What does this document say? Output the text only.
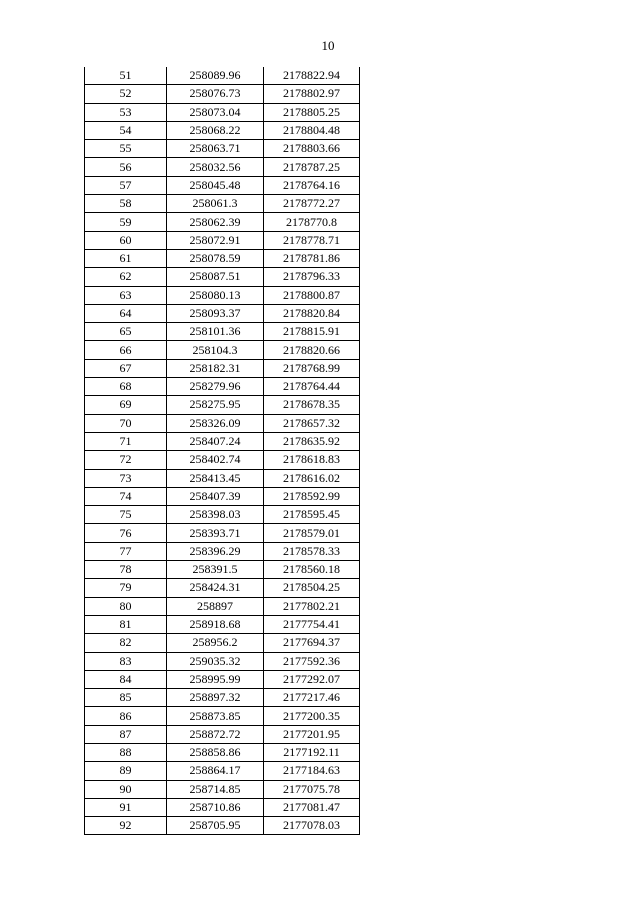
10
51	258089.96	2178822.94
52	258076.73	2178802.97
53	258073.04	2178805.25
54	258068.22	2178804.48
55	258063.71	2178803.66
56	258032.56	2178787.25
57	258045.48	2178764.16
58	258061.3	2178772.27
59	258062.39	2178770.8
60	258072.91	2178778.71
61	258078.59	2178781.86
62	258087.51	2178796.33
63	258080.13	2178800.87
64	258093.37	2178820.84
65	258101.36	2178815.91
66	258104.3	2178820.66
67	258182.31	2178768.99
68	258279.96	2178764.44
69	258275.95	2178678.35
70	258326.09	2178657.32
71	258407.24	2178635.92
72	258402.74	2178618.83
73	258413.45	2178616.02
74	258407.39	2178592.99
75	258398.03	2178595.45
76	258393.71	2178579.01
77	258396.29	2178578.33
78	258391.5	2178560.18
79	258424.31	2178504.25
80	258897	2177802.21
81	258918.68	2177754.41
82	258956.2	2177694.37
83	259035.32	2177592.36
84	258995.99	2177292.07
85	258897.32	2177217.46
86	258873.85	2177200.35
87	258872.72	2177201.95
88	258858.86	2177192.11
89	258864.17	2177184.63
90	258714.85	2177075.78
91	258710.86	2177081.47
92	258705.95	2177078.03
